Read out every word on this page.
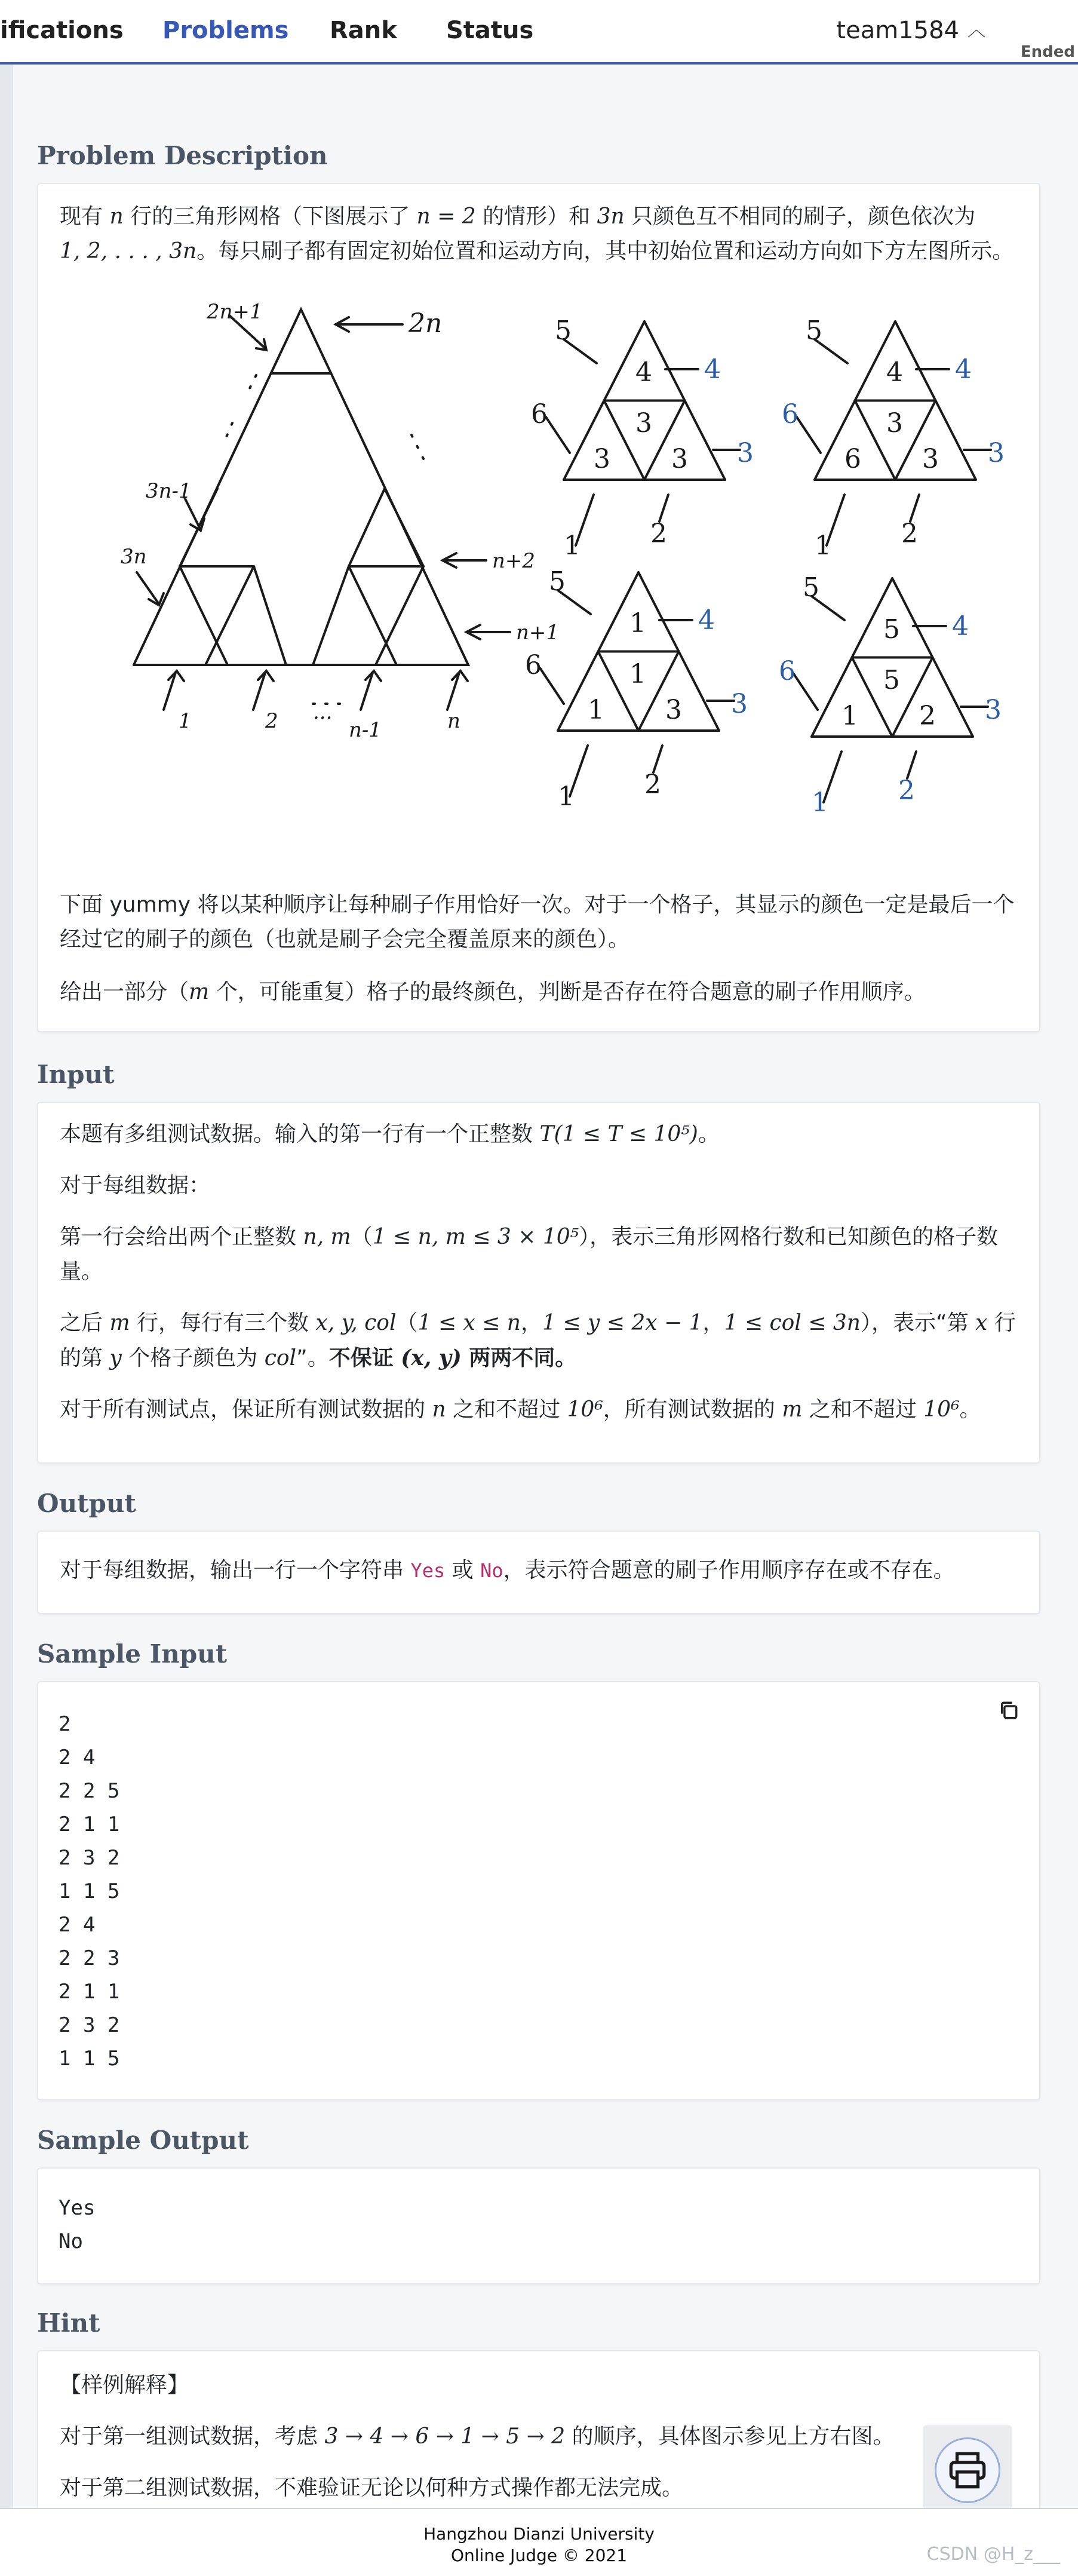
ifications Problems Rank Status	team1584 ︿
Ended
Problem Description

现有 n 行的三角形网格（下图展示了 n = 2 的情形）和 3n 只颜色互不相同的刷子，颜色依次为
1, 2, . . . , 3n。每只刷子都有固定初始位置和运动方向，其中初始位置和运动方向如下方左图所示。

2n+1	2n
3n-1
3n	n+2
n+1
1	2 ...
n-1	n
5
4 4
6	3
3 3 3
1	2
5
4 4
6	3
6 3 3
1	2
5
1 4
6	1
1 3 3
1	2
5
5 4
6	5
1 2 3
1	2

下面 yummy 将以某种顺序让每种刷子作用恰好一次。对于一个格子，其显示的颜色一定是最后一个经过它的刷子的颜色（也就是刷子会完全覆盖原来的颜色）。

给出一部分（m 个，可能重复）格子的最终颜色，判断是否存在符合题意的刷子作用顺序。

Input

本题有多组测试数据。输入的第一行有一个正整数 T(1 ≤ T ≤ 10⁵)。

对于每组数据：

第一行会给出两个正整数 n, m（1 ≤ n, m ≤ 3 × 10⁵），表示三角形网格行数和已知颜色的格子数量。

之后 m 行，每行有三个数 x, y, col（1 ≤ x ≤ n，1 ≤ y ≤ 2x − 1，1 ≤ col ≤ 3n），表示“第 x 行的第 y 个格子颜色为 col”。不保证 (x, y) 两两不同。

对于所有测试点，保证所有测试数据的 n 之和不超过 10⁶，所有测试数据的 m 之和不超过 10⁶。

Output

对于每组数据，输出一行一个字符串 Yes 或 No，表示符合题意的刷子作用顺序存在或不存在。

Sample Input
2
2 4
2 2 5
2 1 1
2 3 2
1 1 5
2 4
2 2 3
2 1 1
2 3 2
1 1 5
Sample Output
Yes
No
Hint

【样例解释】

对于第一组测试数据，考虑 3 → 4 → 6 → 1 → 5 → 2 的顺序，具体图示参见上方右图。

对于第二组测试数据，不难验证无论以何种方式操作都无法完成。

Hangzhou Dianzi University
Online Judge © 2021	CSDN @H_z___
